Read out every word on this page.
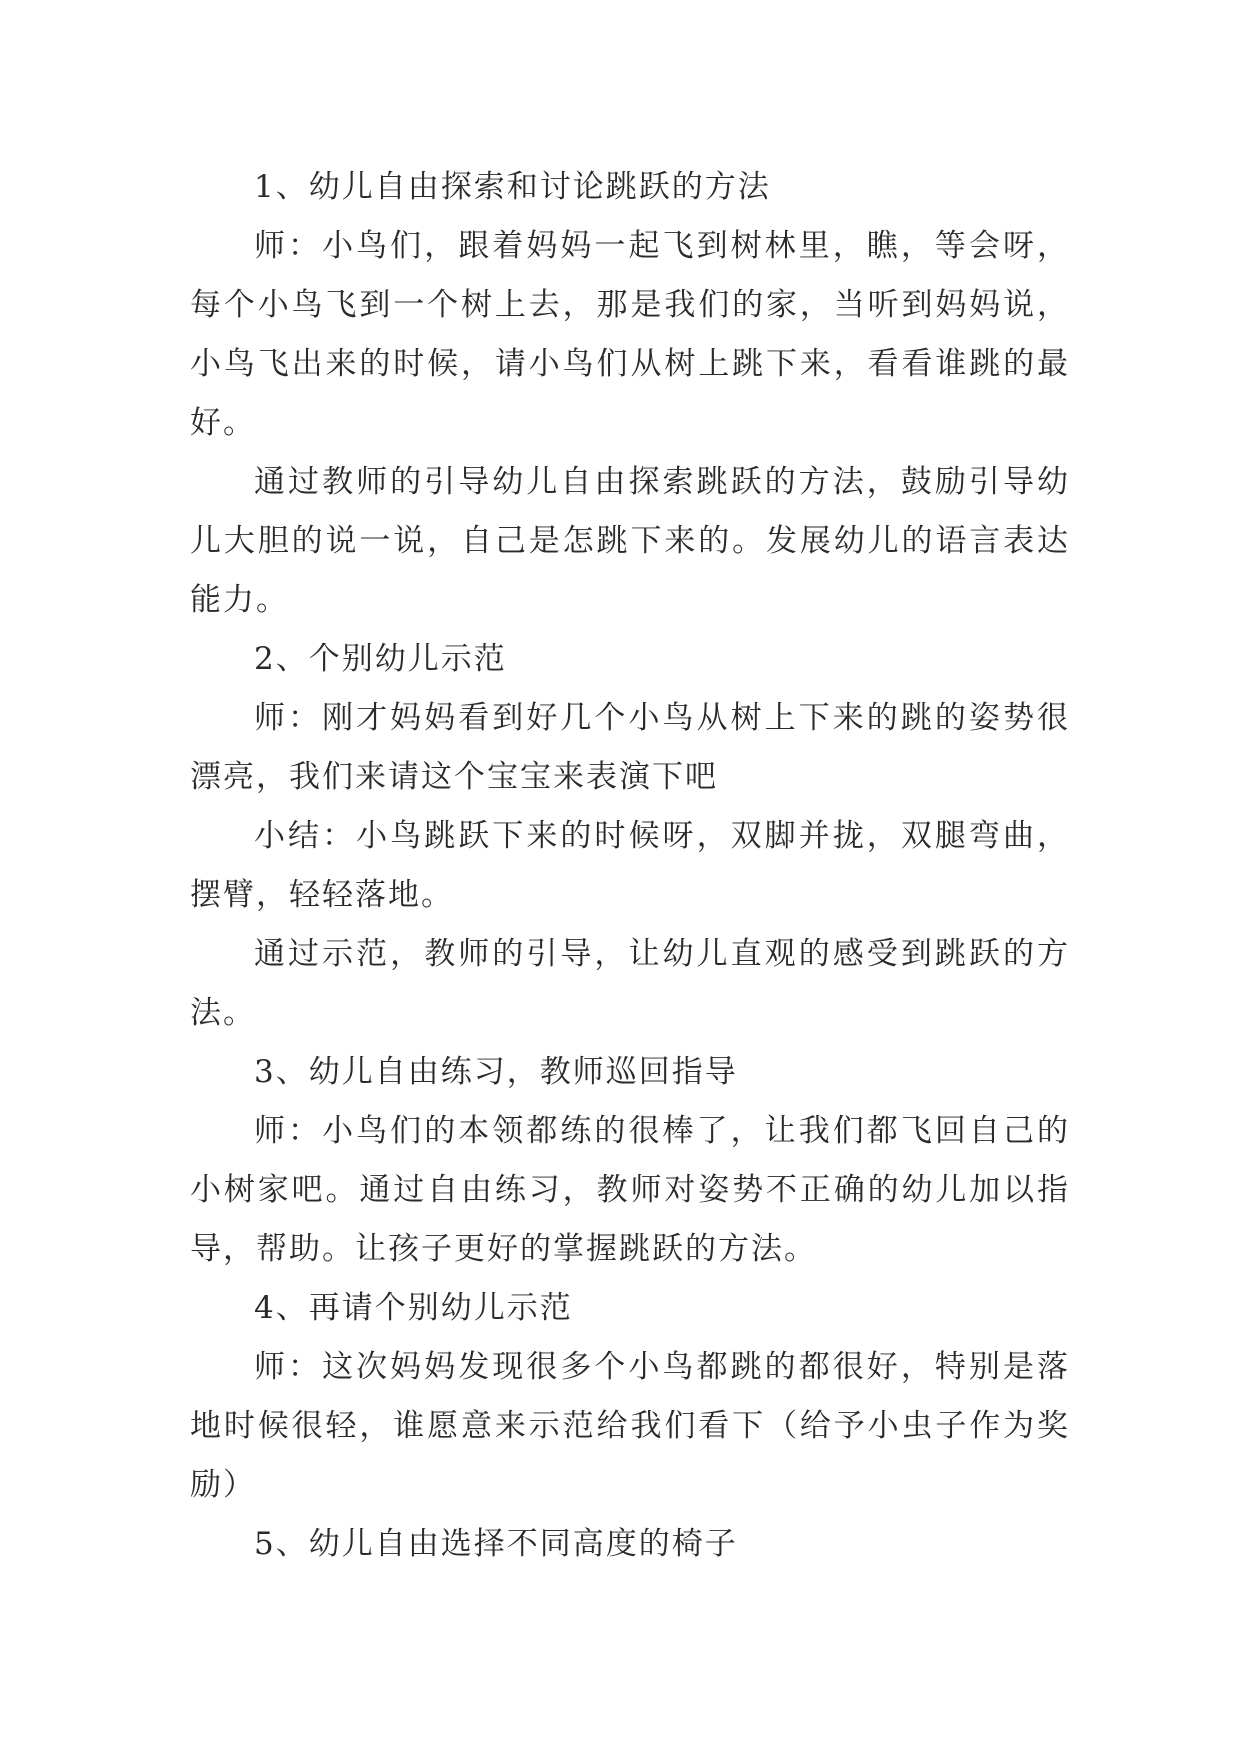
1、幼儿自由探索和讨论跳跃的方法

师：小鸟们，跟着妈妈一起飞到树林里，瞧，等会呀，每个小鸟飞到一个树上去，那是我们的家，当听到妈妈说，小鸟飞出来的时候，请小鸟们从树上跳下来，看看谁跳的最好。

通过教师的引导幼儿自由探索跳跃的方法，鼓励引导幼儿大胆的说一说，自己是怎跳下来的。发展幼儿的语言表达能力。

2、个别幼儿示范

师：刚才妈妈看到好几个小鸟从树上下来的跳的姿势很漂亮，我们来请这个宝宝来表演下吧

小结：小鸟跳跃下来的时候呀，双脚并拢，双腿弯曲，摆臂，轻轻落地。

通过示范，教师的引导，让幼儿直观的感受到跳跃的方法。

3、幼儿自由练习，教师巡回指导

师：小鸟们的本领都练的很棒了，让我们都飞回自己的小树家吧。通过自由练习，教师对姿势不正确的幼儿加以指导，帮助。让孩子更好的掌握跳跃的方法。

4、再请个别幼儿示范

师：这次妈妈发现很多个小鸟都跳的都很好，特别是落地时候很轻，谁愿意来示范给我们看下（给予小虫子作为奖励）

5、幼儿自由选择不同高度的椅子
